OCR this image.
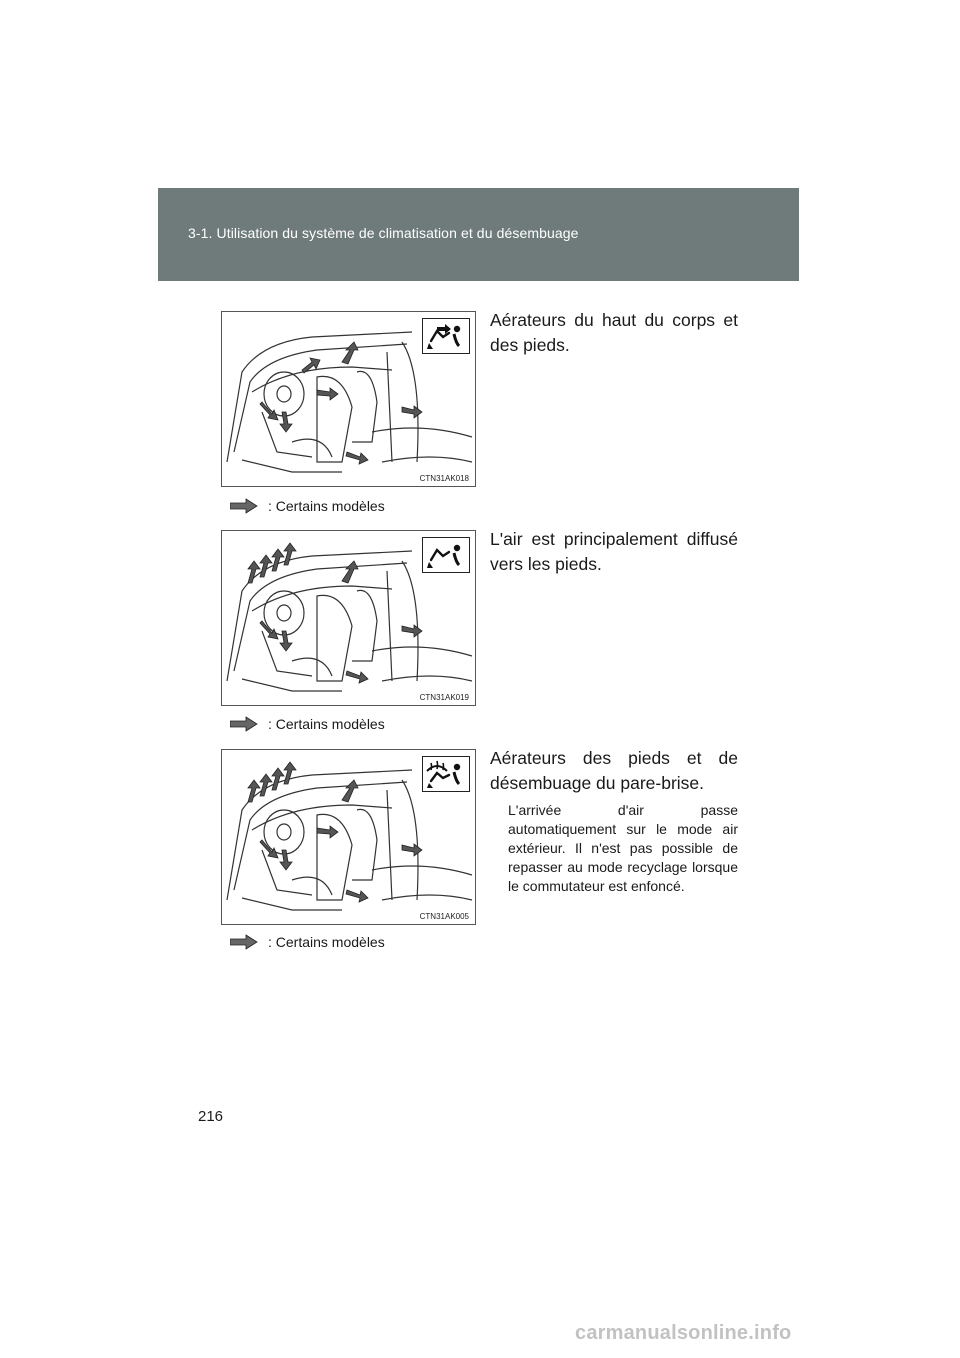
3-1. Utilisation du système de climatisation et du désembuage
CTN31AK018
: Certains modèles
Aérateurs du haut du corps et des pieds.
CTN31AK019
: Certains modèles
L'air est principalement diffusé vers les pieds.
CTN31AK005
: Certains modèles
Aérateurs des pieds et de désembuage du pare-brise.
L'arrivée d'air passe automatiquement sur le mode air extérieur. Il n'est pas possible de repasser au mode recyclage lorsque le commutateur est enfoncé.
216
carmanualsonline.info
